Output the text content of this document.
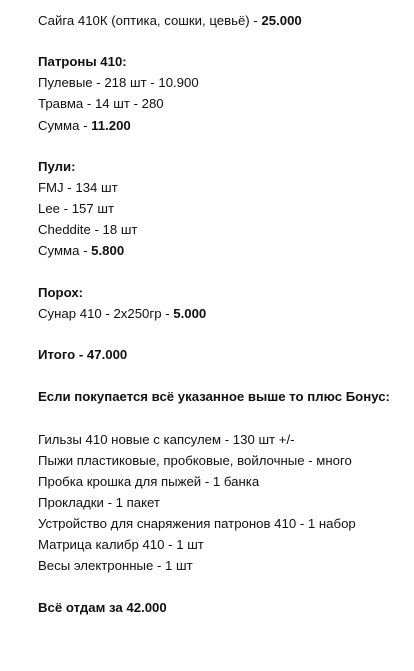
Сайга 410К (оптика, сошки, цевьё) - 25.000
Патроны 410:
Пулевые - 218 шт - 10.900
Травма - 14 шт - 280
Сумма - 11.200
Пули:
FMJ - 134 шт
Lee - 157 шт
Cheddite - 18 шт
Сумма - 5.800
Порох:
Сунар 410 - 2х250гр - 5.000
Итого - 47.000
Если покупается всё указанное выше то плюс Бонус:
Гильзы 410 новые с капсулем - 130 шт +/-
Пыжи пластиковые, пробковые, войлочные - много
Пробка крошка для пыжей - 1 банка
Прокладки - 1 пакет
Устройство для снаряжения патронов 410 - 1 набор
Матрица калибр 410 - 1 шт
Весы электронные - 1 шт
Всё отдам за 42.000
